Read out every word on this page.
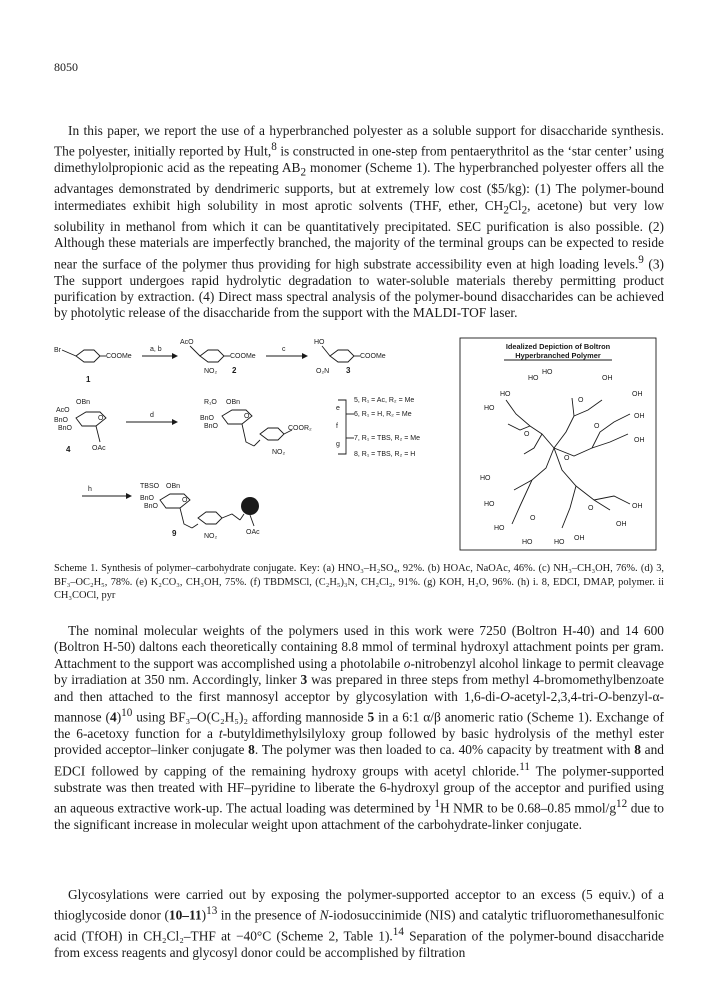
8050

In this paper, we report the use of a hyperbranched polyester as a soluble support for disaccharide synthesis. The polyester, initially reported by Hult,$^8$ is constructed in one-step from pentaerythritol as the ‘star center’ using dimethylolpropionic acid as the repeating $AB_2$ monomer (Scheme 1). The hyperbranched polyester offers all the advantages demonstrated by dendrimeric supports, but at extremely low cost ($5/kg): (1) The polymer-bound intermediates exhibit high solubility in most aprotic solvents (THF, ether, $CH_2Cl_2$, acetone) but very low solubility in methanol from which it can be quantitatively precipitated. SEC purification is also possible. (2) Although these materials are imperfectly branched, the majority of the terminal groups can be expected to reside near the surface of the polymer thus providing for high substrate accessibility even at high loading levels.$^9$ (3) The support undergoes rapid hydrolytic degradation to water-soluble materials thereby permitting product purification by extraction. (4) Direct mass spectral analysis of the polymer-bound disaccharides can be achieved by photolytic release of the disaccharide from the support with the MALDI-TOF laser.

Br
COOMe
1
a, b
AcO
COOMe
NO₂ 2
c
HO
COOMe
O₂N 3
AcO
OBn
BnO
BnO
O
OAc
4
d
R₁O OBn
BnO
BnO
O
COOR₂
NO₂
e
f
g
5, R₁ = Ac, R₂ = Me
6, R₁ = H, R₂ = Me
7, R₁ = TBS, R₂ = Me
8, R₁ = TBS, R₂ = H
h	TBSO OBn
BnO
BnO
O
OAc
NO₂
9
Idealized Depiction of Boltron
Hyperbranched Polymer
HO
HO
HO
HO
OH
OH
OH
OH
HO
HO
HO
HO	HO
OH
OH
OH
O
O
O
O
O
O

Scheme 1. Synthesis of polymer–carbohydrate conjugate. Key: (a) HNO₃–H₂SO₄, 92%. (b) HOAc, NaOAc, 46%. (c) NH₃–CH₃OH, 76%. (d) 3, BF₃–OC₂H₅, 78%. (e) K₂CO₃, CH₃OH, 75%. (f) TBDMSCl, (C₂H₅)₃N, CH₂Cl₂, 91%. (g) KOH, H₂O, 96%. (h) i. 8, EDCI, DMAP, polymer. ii CH₃COCl, pyr

The nominal molecular weights of the polymers used in this work were 7250 (Boltron H-40) and 14 600 (Boltron H-50) daltons each theoretically containing 8.8 mmol of terminal hydroxyl attachment points per gram. Attachment to the support was accomplished using a photolabile o-nitrobenzyl alcohol linkage to permit cleavage by irradiation at 350 nm. Accordingly, linker 3 was prepared in three steps from methyl 4-bromomethylbenzoate and then attached to the first mannosyl acceptor by glycosylation with 1,6-di-O-acetyl-2,3,4-tri-O-benzyl-α-mannose $(4)^{10}$ using BF₃–O(C₂H₅)₂ affording mannoside 5 in a 6:1 α/β anomeric ratio (Scheme 1). Exchange of the 6-acetoxy function for a t-butyldimethylsilyloxy group followed by basic hydrolysis of the methyl ester provided acceptor–linker conjugate 8. The polymer was then loaded to ca. 40% capacity by treatment with 8 and EDCI followed by capping of the remaining hydroxy groups with acetyl chloride.$^{11}$ The polymer-supported substrate was then treated with HF–pyridine to liberate the 6-hydroxyl group of the acceptor and purified using an aqueous extractive work-up. The actual loading was determined by $^1$H NMR to be 0.68–0.85 mmol/$g^{12}$ due to the significant increase in molecular weight upon attachment of the carbohydrate-linker conjugate.

Glycosylations were carried out by exposing the polymer-supported acceptor to an excess (5 equiv.) of a thioglycoside donor $(10-11)^{13}$ in the presence of N-iodosuccinimide (NIS) and catalytic trifluoromethanesulfonic acid (TfOH) in CH₂Cl₂–THF at −40°C (Scheme 2, Table 1).$^{14}$ Separation of the polymer-bound disaccharide from excess reagents and glycosyl donor could be accomplished by filtration
